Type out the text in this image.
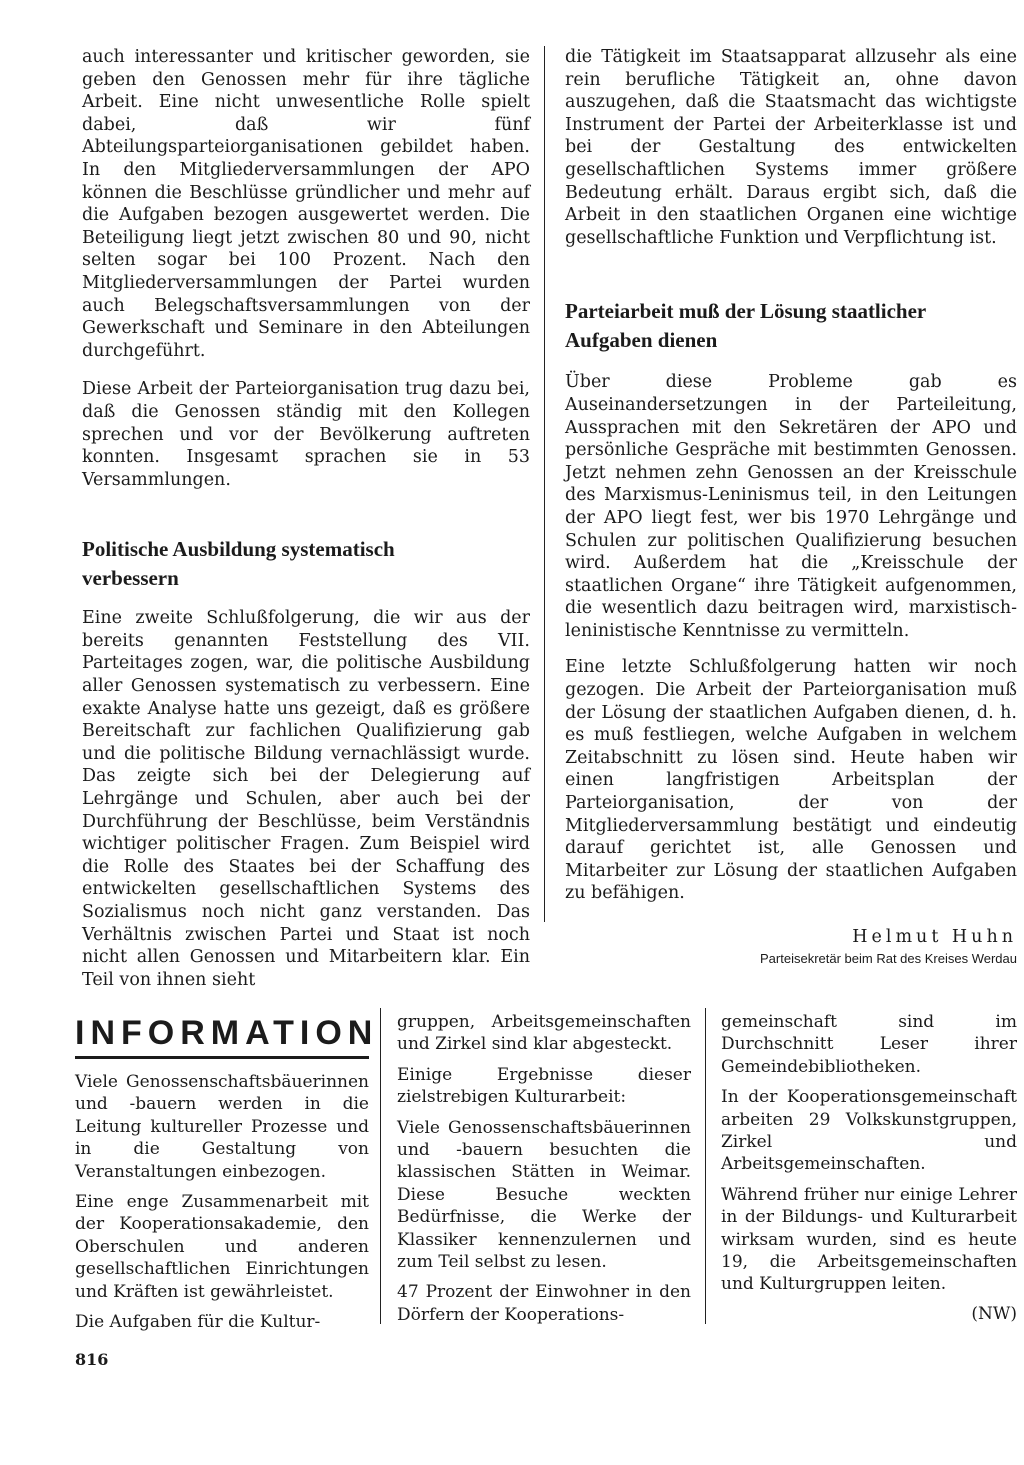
auch interessanter und kritischer geworden, sie geben den Genossen mehr für ihre tägliche Arbeit. Eine nicht unwesentliche Rolle spielt dabei, daß wir fünf Abteilungsparteiorganisationen gebildet haben. In den Mitgliederversammlungen der APO können die Beschlüsse gründlicher und mehr auf die Aufgaben bezogen ausgewertet werden. Die Beteiligung liegt jetzt zwischen 80 und 90, nicht selten sogar bei 100 Prozent. Nach den Mitgliederversammlungen der Partei wurden auch Belegschaftsversammlungen von der Gewerkschaft und Seminare in den Abteilungen durchgeführt.

Diese Arbeit der Parteiorganisation trug dazu bei, daß die Genossen ständig mit den Kollegen sprechen und vor der Bevölkerung auftreten konnten. Insgesamt sprachen sie in 53 Versammlungen.

Politische Ausbildung systematisch verbessern

Eine zweite Schlußfolgerung, die wir aus der bereits genannten Feststellung des VII. Parteitages zogen, war, die politische Ausbildung aller Genossen systematisch zu verbessern. Eine exakte Analyse hatte uns gezeigt, daß es größere Bereitschaft zur fachlichen Qualifizierung gab und die politische Bildung vernachlässigt wurde. Das zeigte sich bei der Delegierung auf Lehrgänge und Schulen, aber auch bei der Durchführung der Beschlüsse, beim Verständnis wichtiger politischer Fragen. Zum Beispiel wird die Rolle des Staates bei der Schaffung des entwickelten gesellschaftlichen Systems des Sozialismus noch nicht ganz verstanden. Das Verhältnis zwischen Partei und Staat ist noch nicht allen Genossen und Mitarbeitern klar. Ein Teil von ihnen sieht

die Tätigkeit im Staatsapparat allzusehr als eine rein berufliche Tätigkeit an, ohne davon auszugehen, daß die Staatsmacht das wichtigste Instrument der Partei der Arbeiterklasse ist und bei der Gestaltung des entwickelten gesellschaftlichen Systems immer größere Bedeutung erhält. Daraus ergibt sich, daß die Arbeit in den staatlichen Organen eine wichtige gesellschaftliche Funktion und Verpflichtung ist.

Parteiarbeit muß der Lösung staatlicher Aufgaben dienen

Über diese Probleme gab es Auseinandersetzungen in der Parteileitung, Aussprachen mit den Sekretären der APO und persönliche Gespräche mit bestimmten Genossen. Jetzt nehmen zehn Genossen an der Kreisschule des Marxismus-Leninismus teil, in den Leitungen der APO liegt fest, wer bis 1970 Lehrgänge und Schulen zur politischen Qualifizierung besuchen wird. Außerdem hat die „Kreisschule der staatlichen Organe“ ihre Tätigkeit aufgenommen, die wesentlich dazu beitragen wird, marxistisch-leninistische Kenntnisse zu vermitteln.

Eine letzte Schlußfolgerung hatten wir noch gezogen. Die Arbeit der Parteiorganisation muß der Lösung der staatlichen Aufgaben dienen, d. h. es muß festliegen, welche Aufgaben in welchem Zeitabschnitt zu lösen sind. Heute haben wir einen langfristigen Arbeitsplan der Parteiorganisation, der von der Mitgliederversammlung bestätigt und eindeutig darauf gerichtet ist, alle Genossen und Mitarbeiter zur Lösung der staatlichen Aufgaben zu befähigen.

Helmut Huhn
Parteisekretär beim Rat des Kreises Werdau
INFORMATION

Viele Genossenschaftsbäuerinnen und -bauern werden in die Leitung kultureller Prozesse und in die Gestaltung von Veranstaltungen einbezogen.

Eine enge Zusammenarbeit mit der Kooperationsakademie, den Oberschulen und anderen gesellschaftlichen Einrichtungen und Kräften ist gewährleistet.

Die Aufgaben für die Kultur-

gruppen, Arbeitsgemeinschaften und Zirkel sind klar abgesteckt.

Einige Ergebnisse dieser zielstrebigen Kulturarbeit:

Viele Genossenschaftsbäuerinnen und -bauern besuchten die klassischen Stätten in Weimar. Diese Besuche weckten Bedürfnisse, die Werke der Klassiker kennenzulernen und zum Teil selbst zu lesen.

47 Prozent der Einwohner in den Dörfern der Kooperations-

gemeinschaft sind im Durchschnitt Leser ihrer Gemeindebibliotheken.

In der Kooperationsgemeinschaft arbeiten 29 Volkskunstgruppen, Zirkel und Arbeitsgemeinschaften.

Während früher nur einige Lehrer in der Bildungs- und Kulturarbeit wirksam wurden, sind es heute 19, die Arbeitsgemeinschaften und Kulturgruppen leiten.

(NW)
816
